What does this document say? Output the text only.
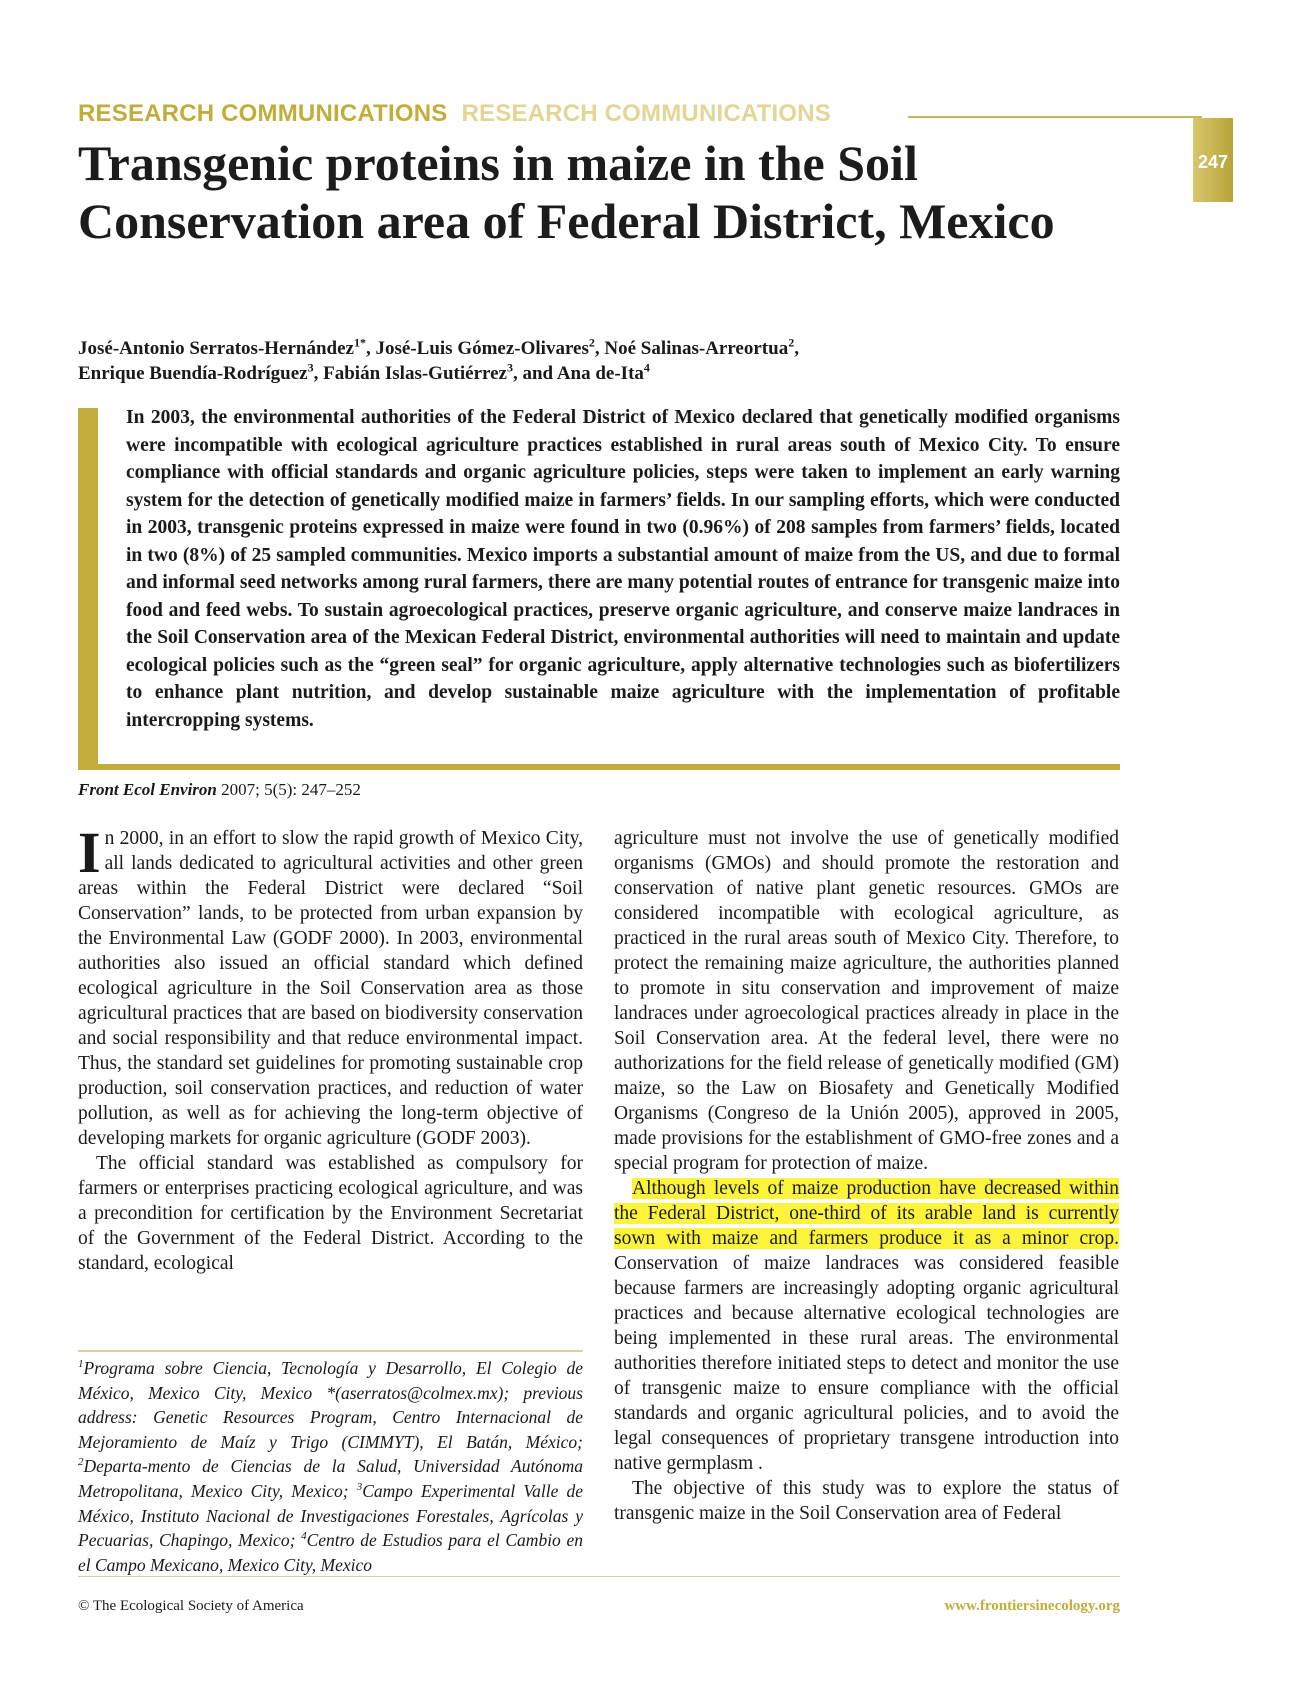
RESEARCH COMMUNICATIONS RESEARCH COMMUNICATIONS
247
Transgenic proteins in maize in the Soil Conservation area of Federal District, Mexico
José-Antonio Serratos-Hernández$^{1*}$, José-Luis Gómez-Olivares$^2$, Noé Salinas-Arreortua$^2$,
Enrique Buendía-Rodríguez$^3$, Fabián Islas-Gutiérrez$^3$, and Ana de-Ita$^4$
In 2003, the environmental authorities of the Federal District of Mexico declared that genetically modified organisms were incompatible with ecological agriculture practices established in rural areas south of Mexico City. To ensure compliance with official standards and organic agriculture policies, steps were taken to implement an early warning system for the detection of genetically modified maize in farmers’ fields. In our sampling efforts, which were conducted in 2003, transgenic proteins expressed in maize were found in two (0.96%) of 208 samples from farmers’ fields, located in two (8%) of 25 sampled communities. Mexico imports a substantial amount of maize from the US, and due to formal and informal seed networks among rural farmers, there are many potential routes of entrance for transgenic maize into food and feed webs. To sustain agroecological practices, preserve organic agriculture, and conserve maize landraces in the Soil Conservation area of the Mexican Federal District, environmental authorities will need to maintain and update ecological policies such as the “green seal” for organic agriculture, apply alternative technologies such as biofertilizers to enhance plant nutrition, and develop sustainable maize agriculture with the implementation of profitable intercropping systems.
Front Ecol Environ 2007; 5(5): 247–252

In 2000, in an effort to slow the rapid growth of Mexico City, all lands dedicated to agricultural activities and other green areas within the Federal District were declared “Soil Conservation” lands, to be protected from urban expansion by the Environmental Law (GODF 2000). In 2003, environmental authorities also issued an official standard which defined ecological agriculture in the Soil Conservation area as those agricultural practices that are based on biodiversity conservation and social responsibility and that reduce environmental impact. Thus, the standard set guidelines for promoting sustainable crop production, soil conservation practices, and reduction of water pollution, as well as for achieving the long-term objective of developing markets for organic agriculture (GODF 2003).

The official standard was established as compulsory for farmers or enterprises practicing ecological agriculture, and was a precondition for certification by the Environment Secretariat of the Government of the Federal District. According to the standard, ecological

$^1$Programa sobre Ciencia, Tecnología y Desarrollo, El Colegio de México, Mexico City, Mexico *(aserratos@colmex.mx); previous address: Genetic Resources Program, Centro Internacional de Mejoramiento de Maíz y Trigo (CIMMYT), El Batán, México; $^2$Departa-mento de Ciencias de la Salud, Universidad Autónoma Metropolitana, Mexico City, Mexico; $^3$Campo Experimental Valle de México, Instituto Nacional de Investigaciones Forestales, Agrícolas y Pecuarias, Chapingo, Mexico; $^4$Centro de Estudios para el Cambio en el Campo Mexicano, Mexico City, Mexico

agriculture must not involve the use of genetically modified organisms (GMOs) and should promote the restoration and conservation of native plant genetic resources. GMOs are considered incompatible with ecological agriculture, as practiced in the rural areas south of Mexico City. Therefore, to protect the remaining maize agriculture, the authorities planned to promote in situ conservation and improvement of maize landraces under agroecological practices already in place in the Soil Conservation area. At the federal level, there were no authorizations for the field release of genetically modified (GM) maize, so the Law on Biosafety and Genetically Modified Organisms (Congreso de la Unión 2005), approved in 2005, made provisions for the establishment of GMO-free zones and a special program for protection of maize.

Although levels of maize production have decreased within the Federal District, one-third of its arable land is currently sown with maize and farmers produce it as a minor crop. Conservation of maize landraces was considered feasible because farmers are increasingly adopting organic agricultural practices and because alternative ecological technologies are being implemented in these rural areas. The environmental authorities therefore initiated steps to detect and monitor the use of transgenic maize to ensure compliance with the official standards and organic agricultural policies, and to avoid the legal consequences of proprietary transgene introduction into native germplasm .

The objective of this study was to explore the status of transgenic maize in the Soil Conservation area of Federal

© The Ecological Society of America	www.frontiersinecology.org
